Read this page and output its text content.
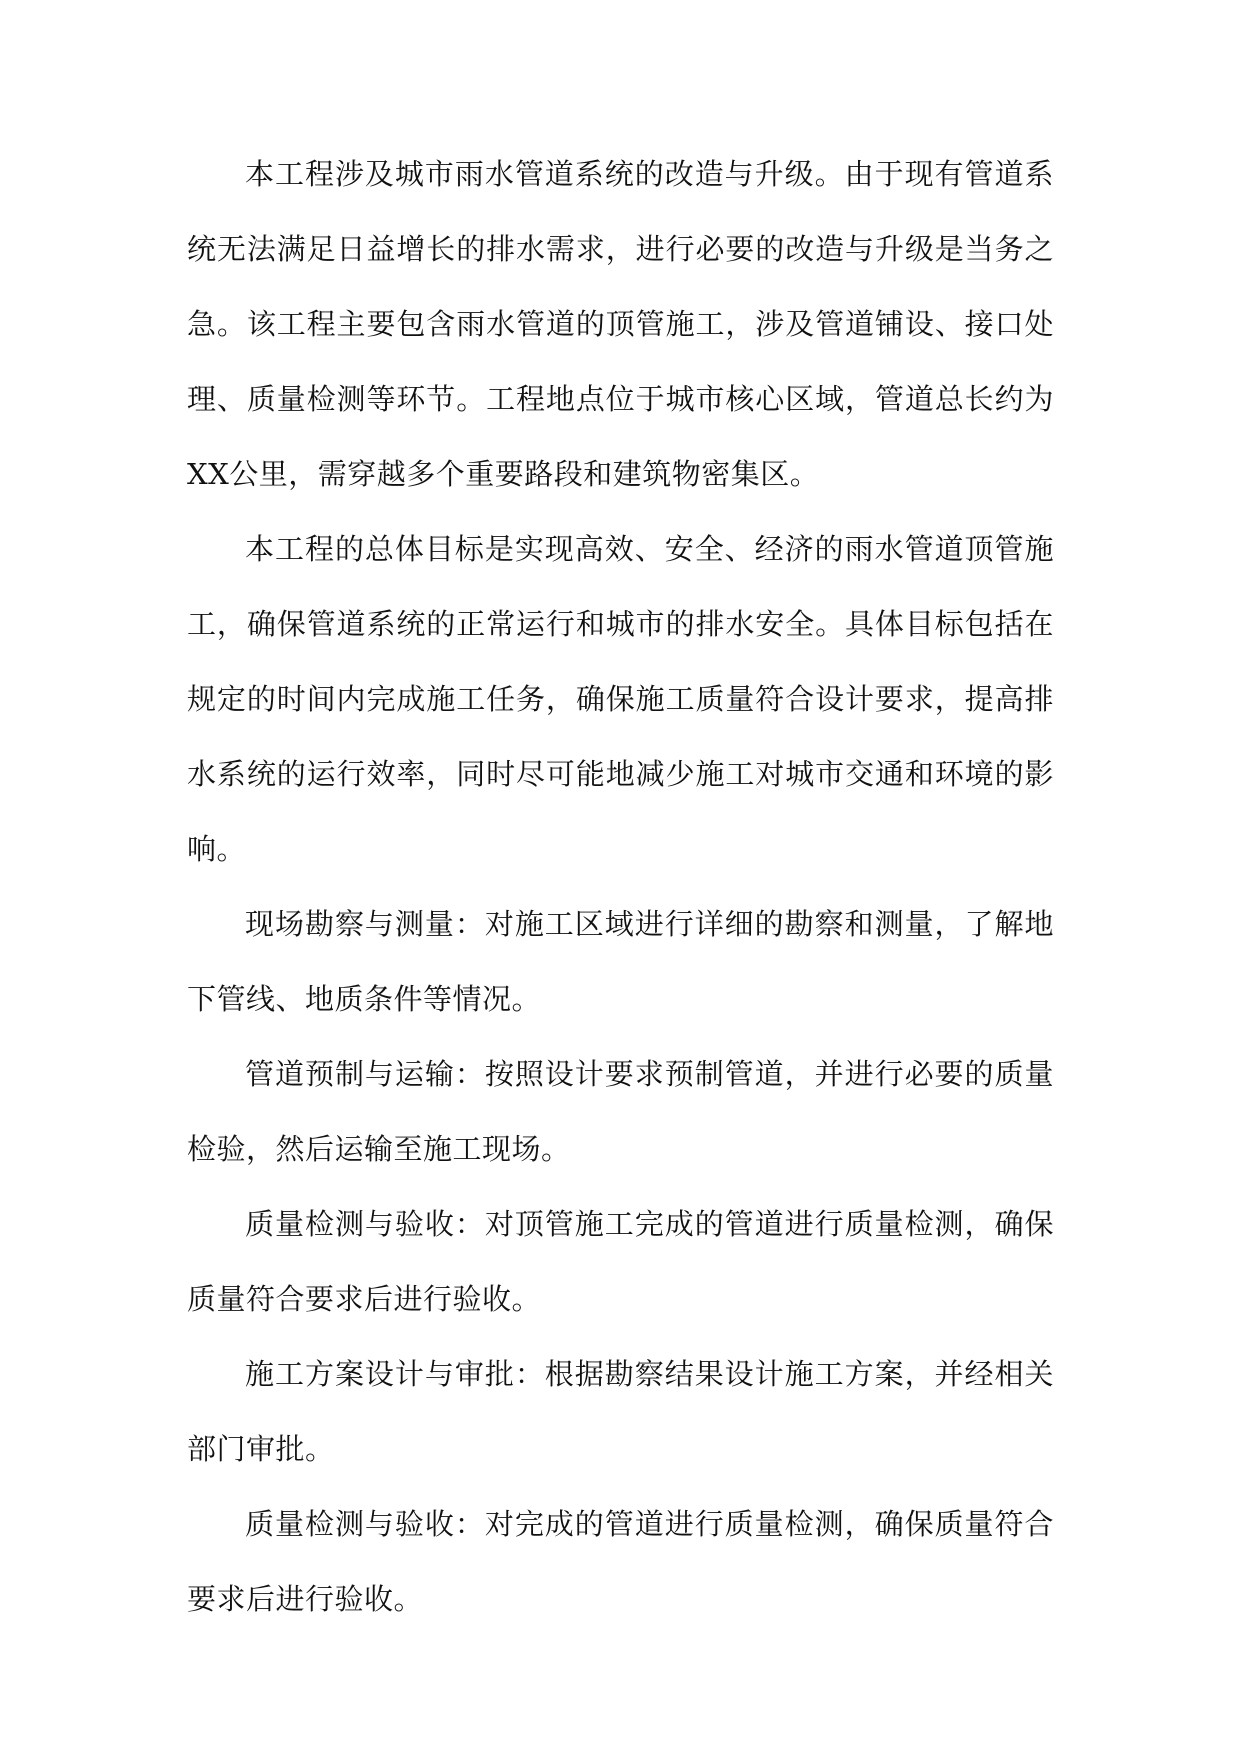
本工程涉及城市雨水管道系统的改造与升级。由于现有管道系统无法满足日益增长的排水需求，进行必要的改造与升级是当务之急。该工程主要包含雨水管道的顶管施工，涉及管道铺设、接口处理、质量检测等环节。工程地点位于城市核心区域，管道总长约为XX公里，需穿越多个重要路段和建筑物密集区。

本工程的总体目标是实现高效、安全、经济的雨水管道顶管施工，确保管道系统的正常运行和城市的排水安全。具体目标包括在规定的时间内完成施工任务，确保施工质量符合设计要求，提高排水系统的运行效率，同时尽可能地减少施工对城市交通和环境的影响。

现场勘察与测量：对施工区域进行详细的勘察和测量，了解地下管线、地质条件等情况。

管道预制与运输：按照设计要求预制管道，并进行必要的质量检验，然后运输至施工现场。

质量检测与验收：对顶管施工完成的管道进行质量检测，确保质量符合要求后进行验收。

施工方案设计与审批：根据勘察结果设计施工方案，并经相关部门审批。

质量检测与验收：对完成的管道进行质量检测，确保质量符合要求后进行验收。
